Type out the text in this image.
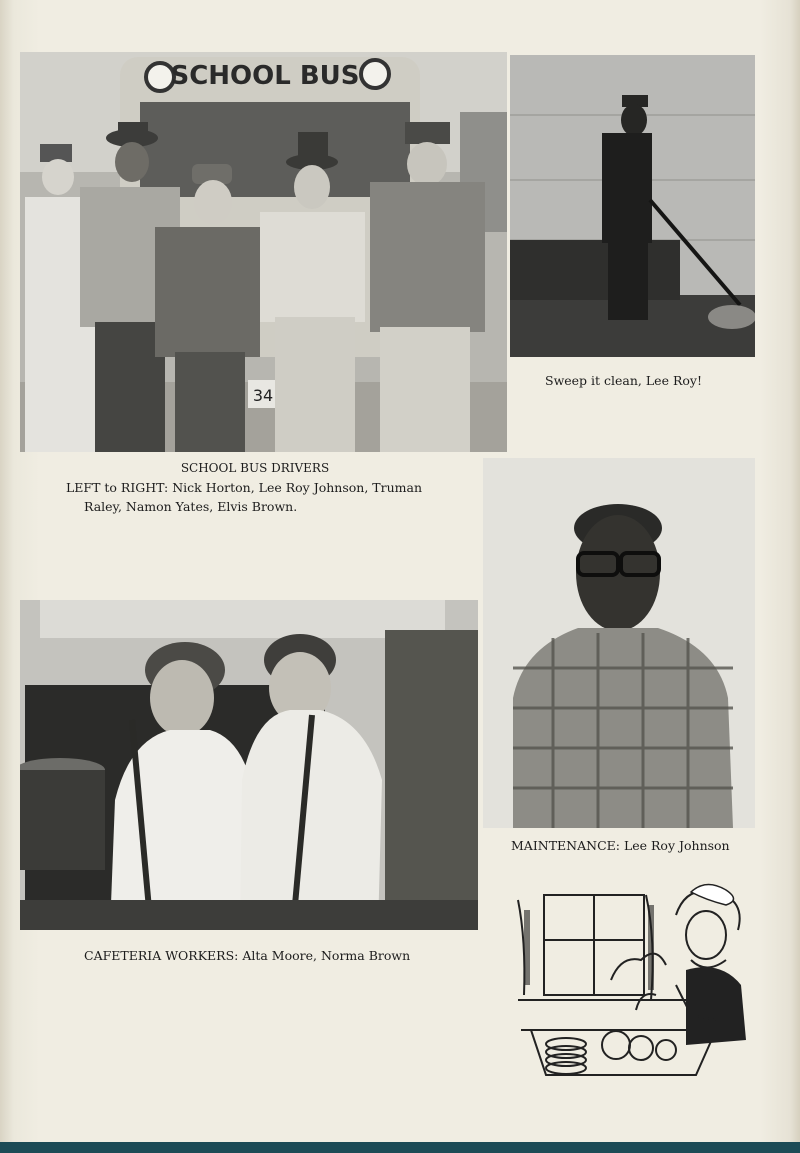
SCHOOL BUS
34
Sweep it clean, Lee Roy!
SCHOOL BUS DRIVERS
LEFT to RIGHT: Nick Horton, Lee Roy Johnson, Truman
Raley, Namon Yates, Elvis Brown.
MAINTENANCE: Lee Roy Johnson
CAFETERIA WORKERS: Alta Moore, Norma Brown
